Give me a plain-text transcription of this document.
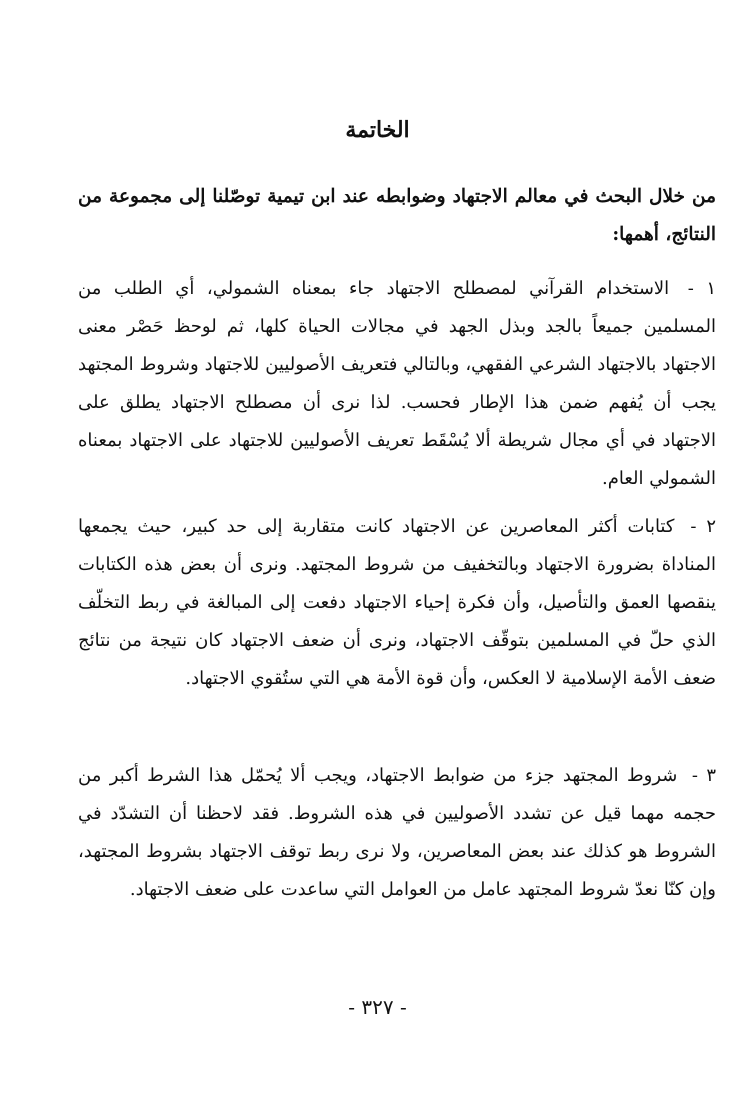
الخاتمة
من خلال البحث في معالم الاجتهاد وضوابطه عند ابن تيمية توصّلنا إلى مجموعة من النتائج، أهمها:
١ - الاستخدام القرآني لمصطلح الاجتهاد جاء بمعناه الشمولي، أي الطلب من المسلمين جميعاً بالجد وبذل الجهد في مجالات الحياة كلها، ثم لوحظ حَصْر معنى الاجتهاد بالاجتهاد الشرعي الفقهي، وبالتالي فتعريف الأصوليين للاجتهاد وشروط المجتهد يجب أن يُفهم ضمن هذا الإطار فحسب. لذا نرى أن مصطلح الاجتهاد يطلق على الاجتهاد في أي مجال شريطة ألا يُسْقَط تعريف الأصوليين للاجتهاد على الاجتهاد بمعناه الشمولي العام.
٢ - كتابات أكثر المعاصرين عن الاجتهاد كانت متقاربة إلى حد كبير، حيث يجمعها المناداة بضرورة الاجتهاد وبالتخفيف من شروط المجتهد. ونرى أن بعض هذه الكتابات ينقصها العمق والتأصيل، وأن فكرة إحياء الاجتهاد دفعت إلى المبالغة في ربط التخلّف الذي حلّ في المسلمين بتوقّف الاجتهاد، ونرى أن ضعف الاجتهاد كان نتيجة من نتائج ضعف الأمة الإسلامية لا العكس، وأن قوة الأمة هي التي ستُقوي الاجتهاد.
٣ - شروط المجتهد جزء من ضوابط الاجتهاد، ويجب ألا يُحمّل هذا الشرط أكبر من حجمه مهما قيل عن تشدد الأصوليين في هذه الشروط. فقد لاحظنا أن التشدّد في الشروط هو كذلك عند بعض المعاصرين، ولا نرى ربط توقف الاجتهاد بشروط المجتهد، وإن كنّا نعدّ شروط المجتهد عامل من العوامل التي ساعدت على ضعف الاجتهاد.
- ٣٢٧ -
